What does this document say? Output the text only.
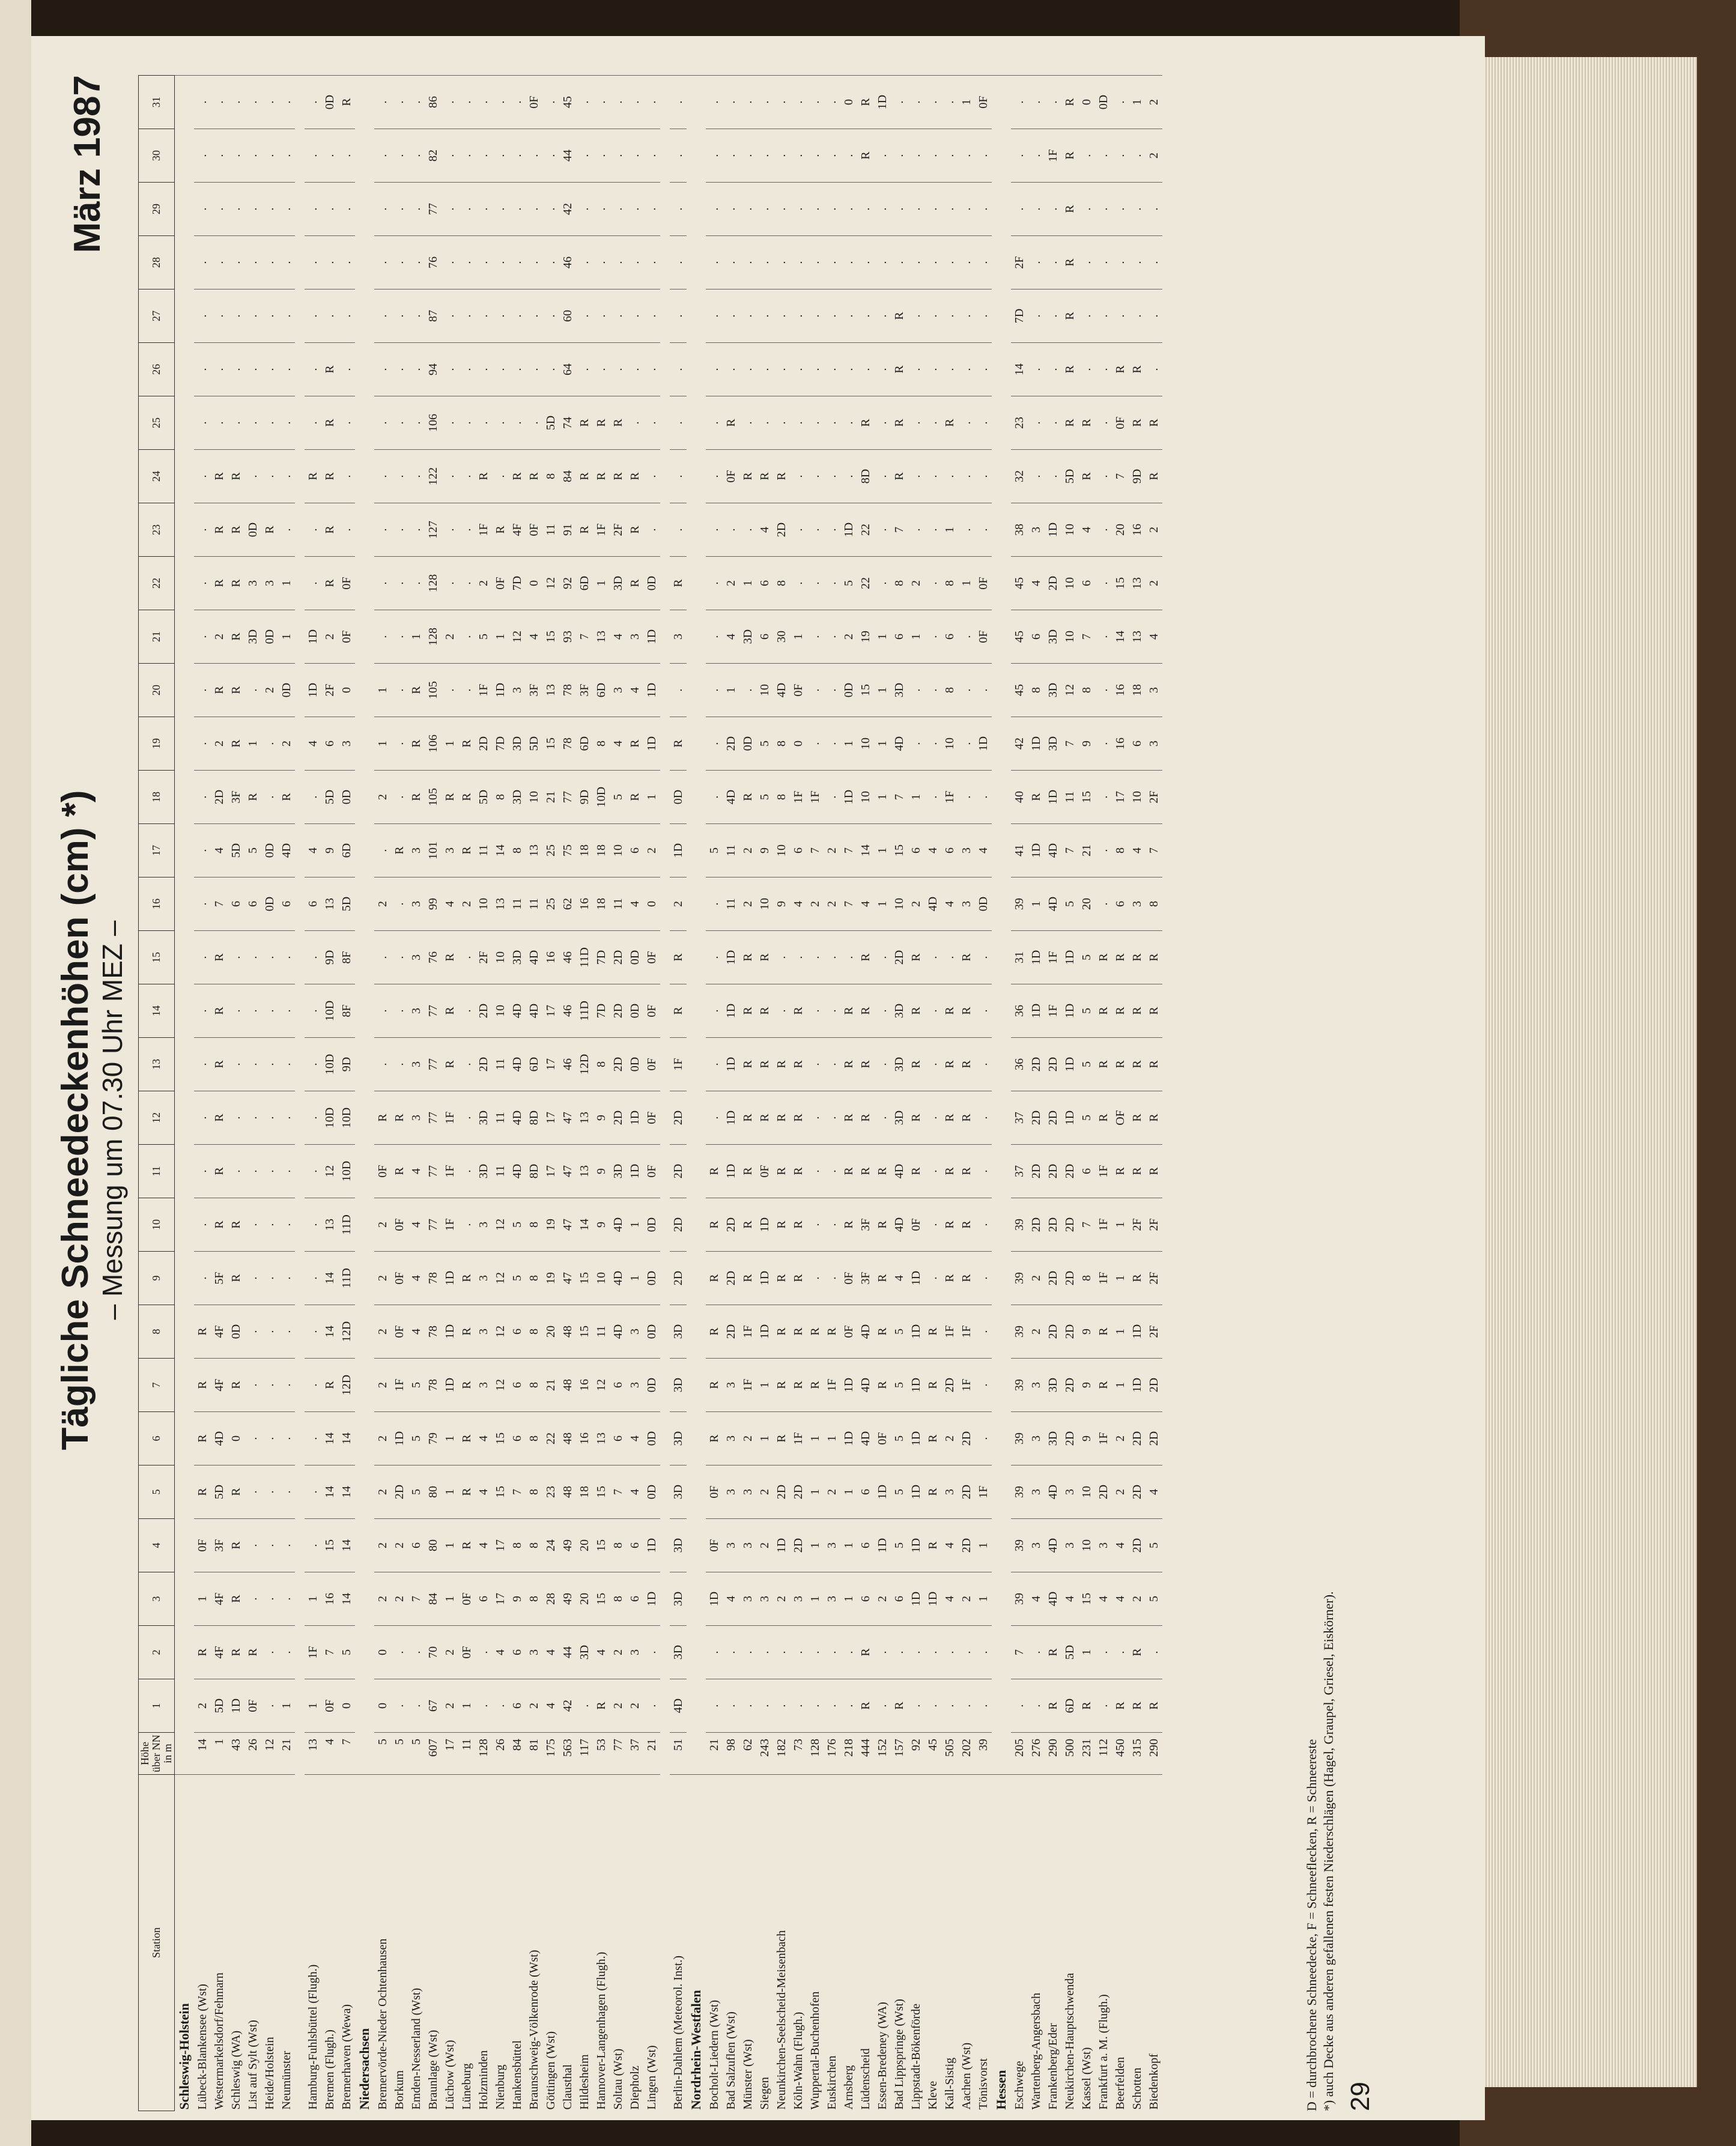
Tägliche Schneedeckenhöhen (cm) *) – Messung um 07.30 Uhr MEZ –
März 1987
Station	Höhe über NN in m	1	2	3	4	5	6	7	8	9	10	11	12	13	14	15	16	17	18	19	20	21	22	23	24	25	26	27	28	29	30	31
Schleswig-Holstein																																
Lübeck-Blankensee (Wst)	14	2	R	1	0F	R	R	R	R	.	.	.	.	.	.	.	.	.	.	.	.	.	.	.	.	.	.	.	.	.	.	.
Westermarkelsdorf/Fehmarn	1	5D	4F	4F	3F	5D	4D	4F	4F	5F	R	R	R	R	R	R	7	4	2D	2	R	2	R	R	R	.	.	.	.	.	.	.
Schleswig (WA)	43	1D	R	R	R	R	0	R	0D	R	R	.	.	.	.	.	6	5D	3F	R	R	R	R	R	R	.	.	.	.	.	.	.
List auf Sylt (Wst)	26	0F	R	.	.	.	.	.	.	.	.	.	.	.	.	.	6	5	R	1	.	3D	3	0D	.	.	.	.	.	.	.	.
Heide/Holstein	12	.	.	.	.	.	.	.	.	.	.	.	.	.	.	.	0D	0D	.	.	2	0D	3	R	.	.	.	.	.	.	.	.
Neumünster	21	1	.	.	.	.	.	.	.	.	.	.	.	.	.	.	6	4D	R	2	0D	1	1	.	.	.	.	.	.	.	.	.

Hamburg-Fuhlsbüttel (Flugh.)	13	1	1F	1	.	.	.	.	.	.	.	.	.	.	.	.	6	4	.	4	1D	1D	.	.	R	.	.	.	.	.	.	.
Bremen (Flugh.)	4	0F	7	16	15	14	14	R	14	14	13	12	10D	10D	10D	9D	13	9	5D	6	2F	2	R	R	R	R	R	.	.	.	.	0D
Bremerhaven (Wewa)	7	0	5	14	14	14	14	12D	12D	11D	11D	10D	10D	9D	8F	8F	5D	6D	0D	3	0	0F	0F	.	.	.	.	.	.	.	.	R
Niedersachsen																																
Bremervörde-Nieder Ochtenhausen	5	0	0	2	2	2	2	2	2	2	2	0F	R	.	.	.	2	.	2	1	1	.	.	.	.	.	.	.	.	.	.	.
Borkum	5	.	.	2	2	2D	1D	1F	0F	0F	0F	R	R	.	.	.	.	R	.	.	.	.	.	.	.	.	.	.	.	.	.	.
Emden-Nesserland (Wst)	5	.	.	7	6	5	5	5	4	4	4	4	3	3	3	3	3	3	R	R	R	1	.	.	.	.	.	.	.	.	.	.
Braunlage (Wst)	607	67	70	84	80	80	79	78	78	78	77	77	77	77	77	76	99	101	105	106	105	128	128	127	122	106	94	87	76	77	82	86
Lüchow (Wst)	17	2	2	1	1	1	1	1D	1D	1D	1F	1F	1F	R	R	R	4	3	R	1	.	2	.	.	.	.	.	.	.	.	.	.
Lüneburg	11	1	0F	0F	R	R	R	R	R	R	.	.	.	.	.	.	2	R	R	R	.	.	.	.	.	.	.	.	.	.	.	.
Holzminden	128	.	.	6	4	4	4	3	3	3	3	3D	3D	2D	2D	2F	10	11	5D	2D	1F	5	2	1F	R	.	.	.	.	.	.	.
Nienburg	26	.	4	17	17	15	15	12	12	12	12	11	11	11	10	10	13	14	8	7D	1D	1	0F	R	.	.	.	.	.	.	.	.
Hankensbüttel	84	6	6	9	8	7	6	6	6	5	5	4D	4D	4D	4D	3D	11	8	3D	3D	3	12	7D	4F	R	.	.	.	.	.	.	.
Braunschweig-Völkenrode (Wst)	81	2	3	8	8	8	8	8	8	8	8	8D	8D	6D	4D	4D	11	13	10	5D	3F	4	0	0F	R	.	.	.	.	.	.	0F
Göttingen (Wst)	175	4	4	28	24	23	22	21	20	19	19	17	17	17	17	16	25	25	21	15	13	15	12	11	8	5D	.	.	.	.	.	.
Clausthal	563	42	44	49	49	48	48	48	48	47	47	47	47	46	46	46	62	75	77	78	78	93	92	91	84	74	64	60	46	42	44	45
Hildesheim	117	.	3D	20	20	18	16	16	15	15	14	13	13	12D	11D	11D	16	18	9D	6D	3F	7	6D	R	R	R	.	.	.	.	.	.
Hannover-Langenhagen (Flugh.)	53	R	4	15	15	15	13	12	11	10	9	9	9	8	7D	7D	18	18	10D	8	6D	13	1	1F	R	R	.	.	.	.	.	.
Soltau (Wst)	77	2	2	8	8	7	6	6	4D	4D	4D	3D	2D	2D	2D	2D	11	10	5	4	3	4	3D	2F	R	R	.	.	.	.	.	.
Diepholz	37	2	3	6	6	4	4	3	3	1	1	1D	1D	0D	0D	0D	4	6	R	R	4	3	R	R	R	.	.	.	.	.	.	.
Lingen (Wst)	21	.	.	1D	1D	0D	0D	0D	0D	0D	0D	0F	0F	0F	0F	0F	0	2	1	1D	1D	1D	0D	.	.	.	.	.	.	.	.	.

Berlin-Dahlem (Meteorol. Inst.)	51	4D	3D	3D	3D	3D	3D	3D	3D	2D	2D	2D	2D	1F	R	R	2	1D	0D	R	.	3	R	.	.	.	.	.	.	.	.	.
Nordrhein-Westfalen																																
Bocholt-Liedern (Wst)	21	.	.	1D	0F	0F	R	R	R	R	R	R	.	.	.	.	.	5	.	.	.	.	.	.	.	.	.	.	.	.	.	.
Bad Salzuflen (Wst)	98	.	.	4	3	3	3	3	2D	2D	2D	1D	1D	1D	1D	1D	11	11	4D	2D	1	4	2	.	0F	R	.	.	.	.	.	.
Münster (Wst)	62	.	.	3	3	3	2	1F	1F	R	R	R	R	R	R	R	2	2	R	0D	.	3D	1	.	R	.	.	.	.	.	.	.
Siegen	243	.	.	3	2	2	1	1	1D	1D	1D	0F	R	R	R	R	10	9	5	5	10	6	6	4	R	.	.	.	.	.	.	.
Neunkirchen-Seelscheid-Meisenbach	182	.	.	2	1D	2D	R	R	R	R	R	R	R	R	.	.	9	10	8	8	4D	30	8	2D	R	.	.	.	.	.	.	.
Köln-Wahn (Flugh.)	73	.	.	3	2D	2D	1F	R	R	R	R	R	R	R	R	.	4	6	1F	0	0F	1	.	.	.	.	.	.	.	.	.	.
Wuppertal-Buchenhofen	128	.	.	1	1	1	1	R	R	.	.	.	.	.	.	.	2	7	1F	.	.	.	.	.	.	.	.	.	.	.	.	.
Euskirchen	176	.	.	3	3	2	1	1F	R	.	.	.	.	.	.	.	2	2	.	.	.	.	.	.	.	.	.	.	.	.	.	.
Arnsberg	218	.	.	1	1	1	1D	1D	0F	0F	R	R	R	R	R	.	7	7	1D	1	0D	2	5	1D	.	.	.	.	.	.	.	0
Lüdenscheid	444	R	R	6	6	6	4D	4D	4D	3F	3F	R	R	R	R	R	4	14	10	10	15	19	22	22	8D	R	.	.	.	.	R	R
Essen-Bredeney (WA)	152	.	.	2	1D	1D	0F	R	R	R	R	R	.	.	.	.	1	1	1	1	1	1	.	.	.	.	.	.	.	.	.	1D
Bad Lippspringe (Wst)	157	R	.	6	5	5	5	5	5	4	4D	4D	3D	3D	3D	2D	10	15	7	4D	3D	6	8	7	R	R	R	R	.	.	.	.
Lippstadt-Bökenförde	92	.	.	1D	1D	1D	1D	1D	1D	1D	0F	R	R	R	R	R	2	6	1	.	.	1	2	.	.	.	.	.	.	.	.	.
Kleve	45	.	.	1D	R	R	R	R	R	.	.	.	.	.	.	.	4D	4	.	.	.	.	.	.	.	.	.	.	.	.	.	.
Kall-Sistig	505	.	.	4	4	3	2	2D	1F	R	R	R	R	R	R	.	4	6	1F	10	8	6	8	1	.	R	.	.	.	.	.	.
Aachen (Wst)	202	.	.	2	2D	2D	2D	1F	1F	R	R	R	R	R	R	R	3	3	.	.	.	.	1	.	.	.	.	.	.	.	.	1
Tönisvorst	39	.	.	1	1	1F	.	.	.	.	.	.	.	.	.	.	0D	4	.	1D	.	0F	0F	.	.	.	.	.	.	.	.	0F
Hessen																																
Eschwege	205	.	7	39	39	39	39	39	39	39	39	37	37	36	36	31	39	41	40	42	45	45	45	38	32	23	14	7D	2F	.	.	.
Wartenberg-Angersbach	276	.	.	4	3	3	3	3	2	2	2D	2D	2D	2D	1D	1D	1	1D	R	1D	8	6	4	3	.	.	.	.	.	.	.	.
Frankenberg/Eder	290	R	R	4D	4D	4D	3D	3D	2D	2D	2D	2D	2D	2D	1F	1F	4D	4D	1D	3D	3D	3D	2D	1D	.	.	.	.	.	.	1F	.
Neukirchen-Hauptschwenda	500	6D	5D	4	3	3	2D	2D	2D	2D	2D	2D	1D	1D	1D	1D	5	7	11	7	12	10	10	10	5D	R	R	R	R	R	R	R
Kassel (Wst)	231	R	1	15	10	10	9	9	9	8	7	6	5	5	5	5	20	21	15	9	8	7	6	4	R	R	.	.	.	.	.	0
Frankfurt a. M. (Flugh.)	112	.	.	4	3	2D	1F	R	R	1F	1F	1F	R	R	R	R	.	.	.	.	.	.	.	.	.	.	.	.	.	.	.	0D
Beerfelden	450	R	.	4	4	2	2	1	1	1	1	R	OF	R	R	R	6	8	17	16	16	14	15	20	7	0F	R	.	.	.	.	.
Schotten	315	R	R	2	2D	2D	2D	1D	1D	R	2F	R	R	R	R	R	3	4	10	6	18	13	13	16	9D	R	R	.	.	.	.	1
Biedenkopf	290	R	.	5	5	4	2D	2D	2F	2F	2F	R	R	R	R	R	8	7	2F	3	3	4	2	2	R	R	.	.	.	.	2	2
D = durchbrochene Schneedecke, F = Schneeflecken, R = Schneereste *) auch Decke aus anderen gefallenen festen Niederschlägen (Hagel, Graupel, Griesel, Eiskörner). 29
